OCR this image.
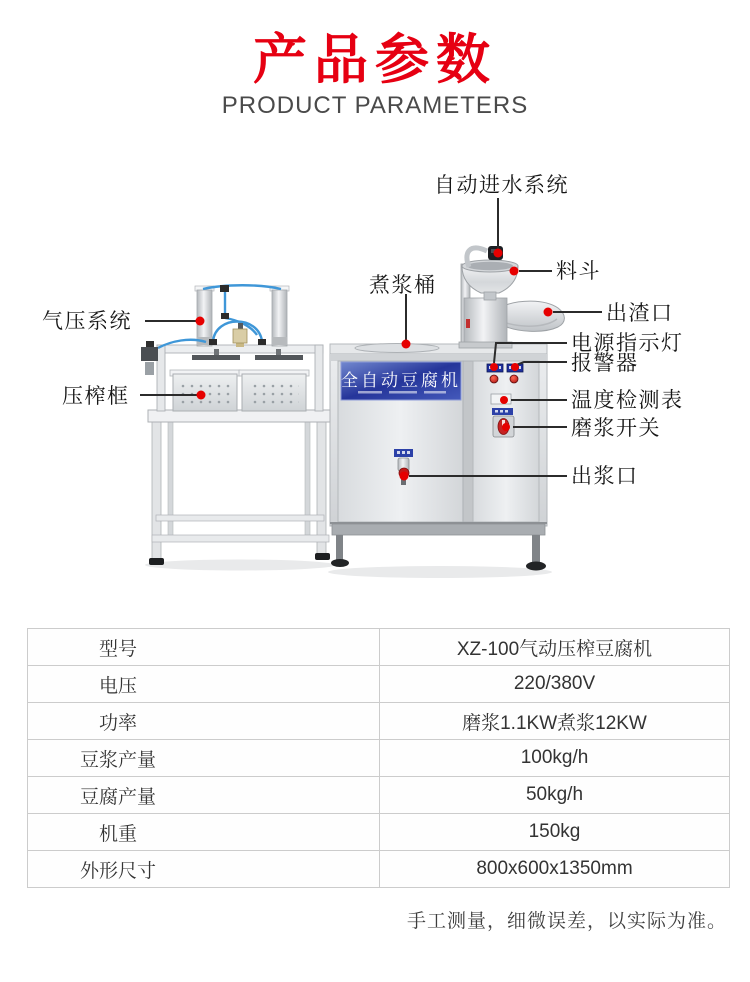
产品参数
PRODUCT PARAMETERS
全自动豆腐机
自动进水系统
煮浆桶
料斗
出渣口
电源指示灯
报警器
温度检测表
磨浆开关
出浆口
气压系统
压榨框
型号	XZ-100气动压榨豆腐机
电压	220/380V
功率	磨浆1.1KW煮浆12KW
豆浆产量	100kg/h
豆腐产量	50kg/h
机重	150kg
外形尺寸	800x600x1350mm
手工测量，细微误差，以实际为准。
